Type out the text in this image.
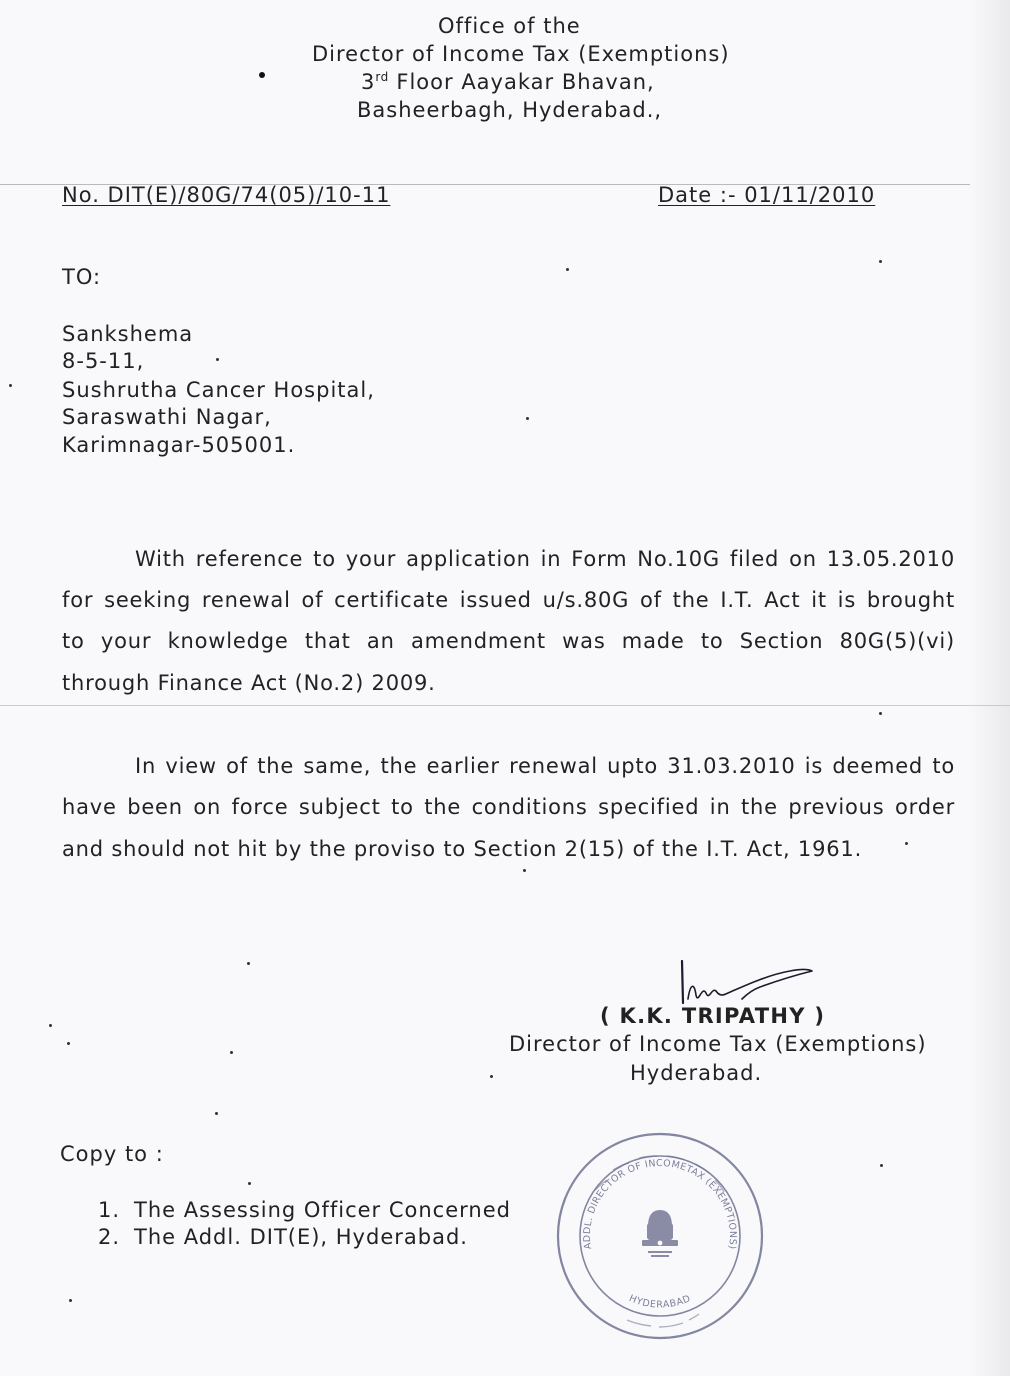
Office of the
Director of Income Tax (Exemptions)
3rd Floor Aayakar Bhavan,
Basheerbagh, Hyderabad.,
No. DIT(E)/80G/74(05)/10-11	Date :- 01/11/2010
TO:
Sankshema
8-5-11,
Sushrutha Cancer Hospital,
Saraswathi Nagar,
Karimnagar-505001.
With reference to your application in Form No.10G filed on 13.05.2010
for seeking renewal of certificate issued u/s.80G of the I.T. Act it is brought
to your knowledge that an amendment was made to Section 80G(5)(vi)
through Finance Act (No.2) 2009.
In view of the same, the earlier renewal upto 31.03.2010 is deemed to
have been on force subject to the conditions specified in the previous order
and should not hit by the proviso to Section 2(15) of the I.T. Act, 1961.
( K.K. TRIPATHY )
Director of Income Tax (Exemptions)
Hyderabad.
Copy to :
1. The Assessing Officer Concerned
2. The Addl. DIT(E), Hyderabad.	ADDL. DIRECTOR OF INCOMETAX (EXEMPTIONS)
HYDERABAD
